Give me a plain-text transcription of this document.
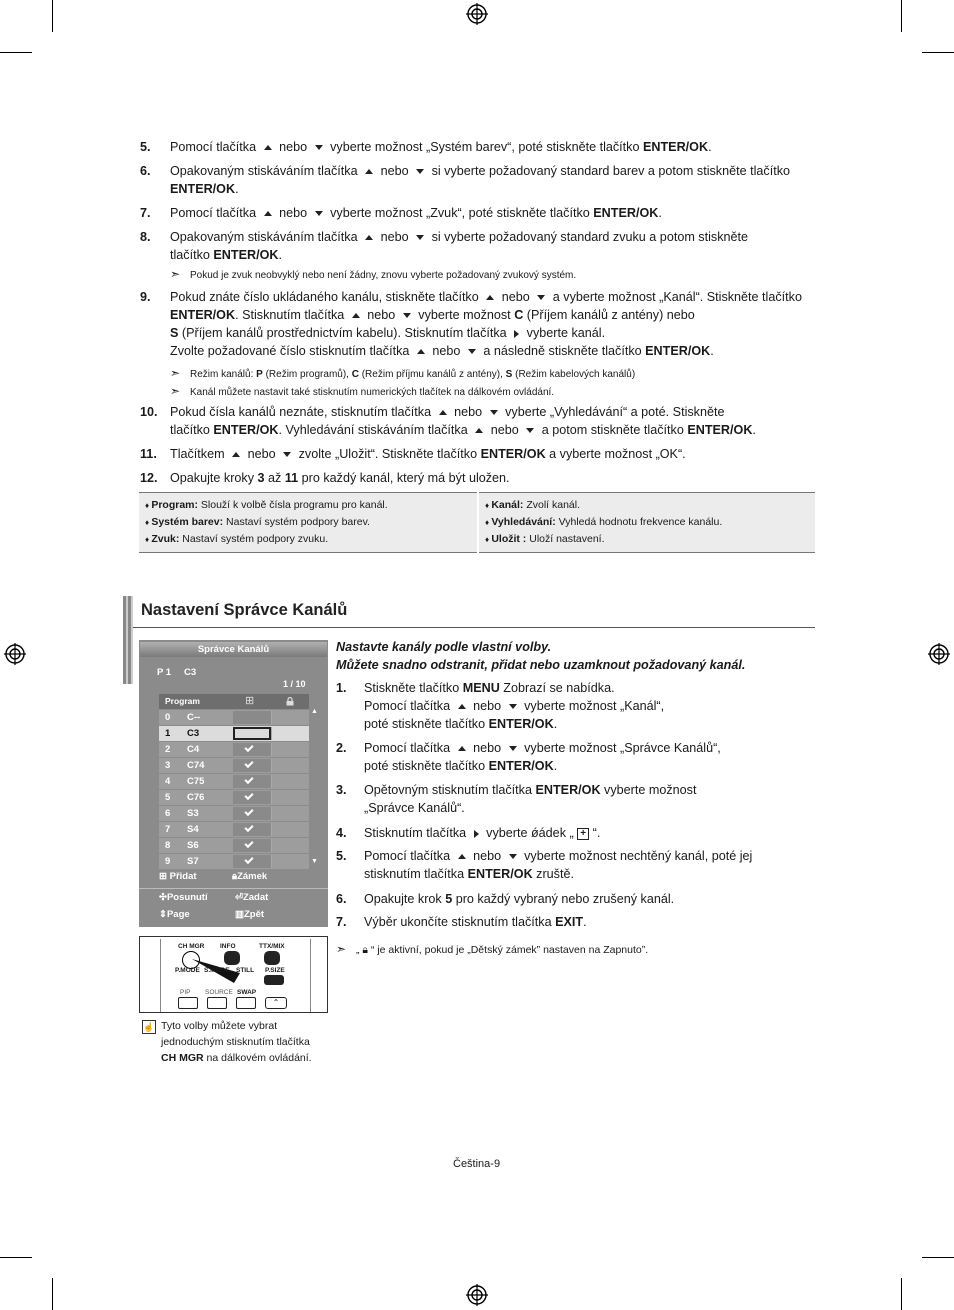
5.	Pomocí tlačítka  nebo  vyberte možnost „Systém barev“, poté stiskněte tlačítko ENTER/OK.
6.	Opakovaným stiskáváním tlačítka  nebo  si vyberte požadovaný standard barev a potom stiskněte tlačítko
ENTER/OK.
7.	Pomocí tlačítka  nebo  vyberte možnost „Zvuk“, poté stiskněte tlačítko ENTER/OK.
8.	Opakovaným stiskáváním tlačítka  nebo  si vyberte požadovaný standard zvuku a potom stiskněte
tlačítko ENTER/OK.
9.	Pokud znáte číslo ukládaného kanálu, stiskněte tlačítko  nebo  a vyberte možnost „Kanál“. Stiskněte tlačítko
ENTER/OK. Stisknutím tlačítka  nebo  vyberte možnost C (Příjem kanálů z antény) nebo
S (Příjem kanálů prostřednictvím kabelu). Stisknutím tlačítka  vyberte kanál.
Zvolte požadované číslo stisknutím tlačítka  nebo  a následně stiskněte tlačítko ENTER/OK.
10. Pokud čísla kanálů neznáte, stisknutím tlačítka  nebo  vyberte „Vyhledávání“ a poté. Stiskněte
tlačítko ENTER/OK. Vyhledávání stiskáváním tlačítka  nebo  a potom stiskněte tlačítko ENTER/OK.
11.	Tlačítkem  nebo  zvolte „Uložit“. Stiskněte tlačítko ENTER/OK a vyberte možnost „OK“.
12. Opakujte kroky 3 až 11 pro každý kanál, který má být uložen.
➣ Pokud je zvuk neobvyklý nebo není žádny, znovu vyberte požadovaný zvukový systém.
➣ Režim kanálů: P (Režim programů), C (Režim příjmu kanálů z antény), S (Režim kabelových kanálů)
➣ Kanál můžete nastavit také stisknutím numerických tlačítek na dálkovém ovládání.
♦ Program: Slouží k volbě čísla programu pro kanál.
♦ Systém barev: Nastaví systém podpory barev.
♦ Zvuk: Nastaví systém podpory zvuku.

♦ Kanál: Zvolí kanál.
♦ Vyhledávání: Vyhledá hodnotu frekvence kanálu.
♦ Uložit : Uloží nastavení.
Nastavení Správce Kanálů
Správce Kanálů
P 1 C3
1 / 10
Program	⊞
0 C--
1 C3
2 C4
3 C74
4 C75
5 C76
6 S3
7 S4
8 S6
9 S7
▲
▼
⊞ Přidat	🔒︎Zámek
✣Posunutí	⏎Zadat
⇕Page	▥Zpět
CH MGR INFO	TTX/MIX
P.MODE S.MODE STILL P.SIZE
PIP SOURCE SWAP
⌃
☝ Tyto volby můžete vybrat
jednoduchým stisknutím tlačítka
CH MGR na dálkovém ovládání.
Nastavte kanály podle vlastní volby.
Můžete snadno odstranit, přidat nebo uzamknout požadovaný kanál.
1. Stiskněte tlačítko MENU Zobrazí se nabídka.
Pomocí tlačítka  nebo  vyberte možnost „Kanál“,
poté stiskněte tlačítko ENTER/OK.
2. Pomocí tlačítka  nebo  vyberte možnost „Správce Kanálů“,
poté stiskněte tlačítko ENTER/OK.
3. Opětovným stisknutím tlačítka ENTER/OK vyberte možnost
„Správce Kanálů“.
4. Stisknutím tlačítka  vyberte ǿádek „ + “.
5. Pomocí tlačítka  nebo  vyberte možnost nechtěný kanál, poté jej
stisknutím tlačítka ENTER/OK zruště.
6. Opakujte krok 5 pro každý vybraný nebo zrušený kanál.
7. Výběr ukončíte stisknutím tlačítka EXIT.
➣ „ 🔒︎ “ je aktivní, pokud je „Dětský zámek” nastaven na Zapnuto”.
Čeština-9
